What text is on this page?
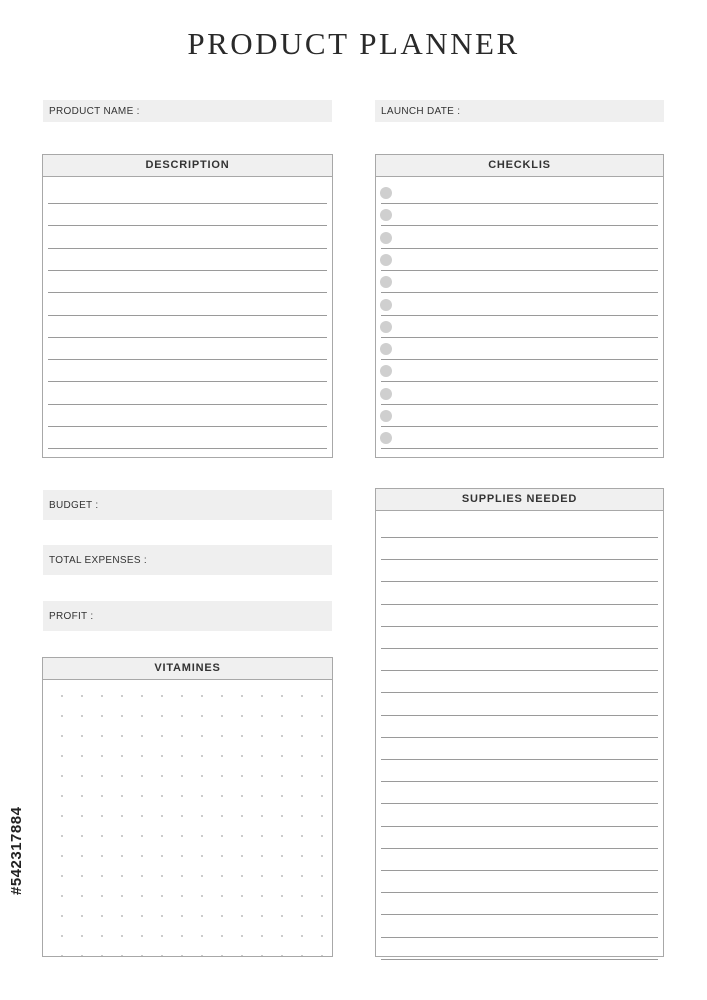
PRODUCT PLANNER
PRODUCT NAME :	LAUNCH DATE :
DESCRIPTION	CHECKLIS
BUDGET :
TOTAL EXPENSES :
PROFIT :
SUPPLIES NEEDED
VITAMINES
#542317884
